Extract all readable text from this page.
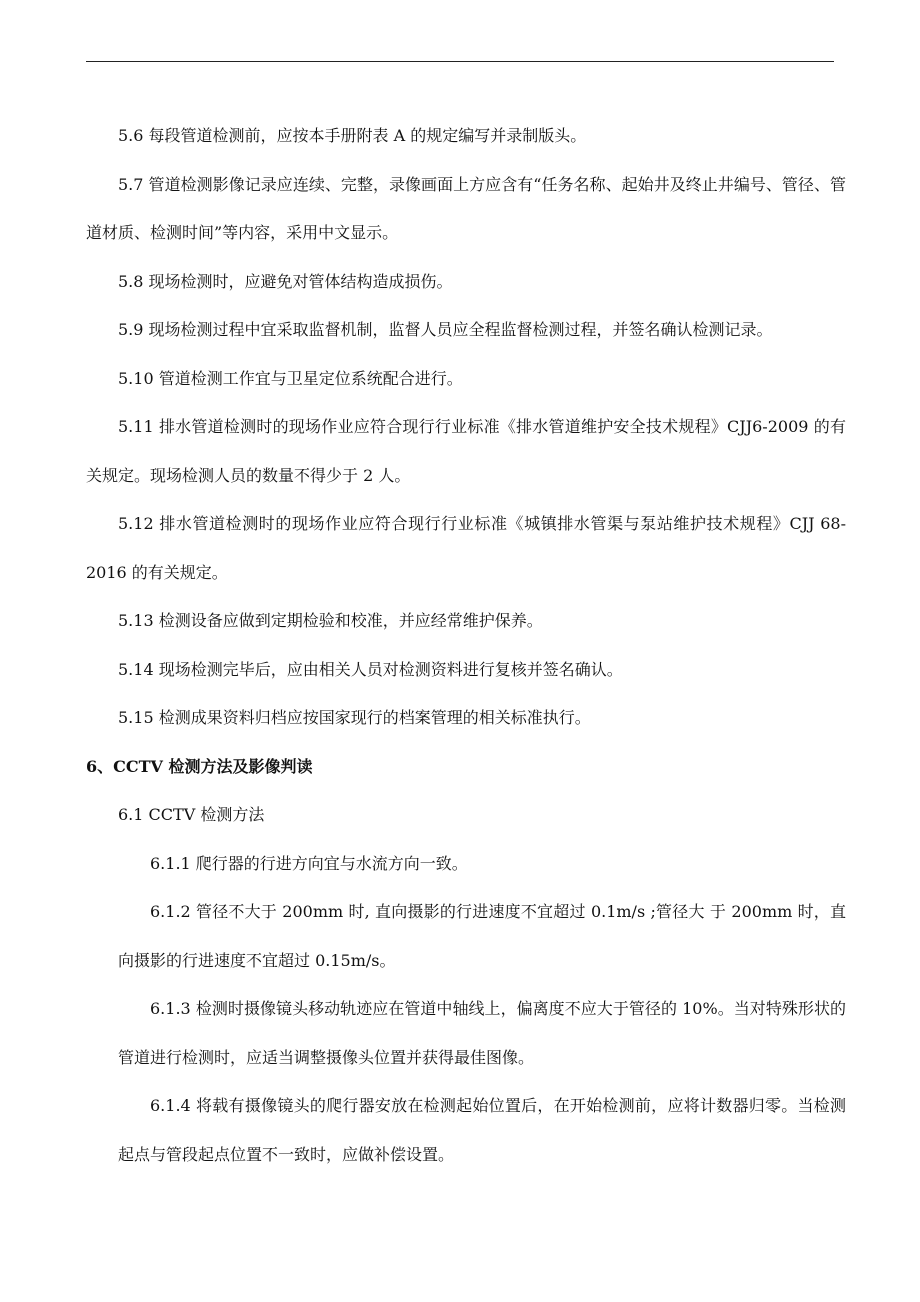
5.6 每段管道检测前，应按本手册附表 A 的规定编写并录制版头。

5.7 管道检测影像记录应连续、完整，录像画面上方应含有“任务名称、起始井及终止井编号、管径、管道材质、检测时间”等内容，采用中文显示。

5.8 现场检测时，应避免对管体结构造成损伤。

5.9 现场检测过程中宜采取监督机制，监督人员应全程监督检测过程，并签名确认检测记录。

5.10 管道检测工作宜与卫星定位系统配合进行。

5.11 排水管道检测时的现场作业应符合现行行业标准《排水管道维护安全技术规程》CJJ6-2009 的有关规定。现场检测人员的数量不得少于 2 人。

5.12 排水管道检测时的现场作业应符合现行行业标准《城镇排水管渠与泵站维护技术规程》CJJ 68-2016 的有关规定。

5.13 检测设备应做到定期检验和校准，并应经常维护保养。

5.14 现场检测完毕后，应由相关人员对检测资料进行复核并签名确认。

5.15 检测成果资料归档应按国家现行的档案管理的相关标准执行。

6、CCTV 检测方法及影像判读

6.1 CCTV 检测方法

6.1.1 爬行器的行进方向宜与水流方向一致。

6.1.2 管径不大于 200mm 时, 直向摄影的行进速度不宜超过 0.1m/s ;管径大 于 200mm 时，直向摄影的行进速度不宜超过 0.15m/s。

6.1.3 检测时摄像镜头移动轨迹应在管道中轴线上，偏离度不应大于管径的 10%。当对特殊形状的管道进行检测时，应适当调整摄像头位置并获得最佳图像。

6.1.4 将载有摄像镜头的爬行器安放在检测起始位置后，在开始检测前，应将计数器归零。当检测起点与管段起点位置不一致时，应做补偿设置。
